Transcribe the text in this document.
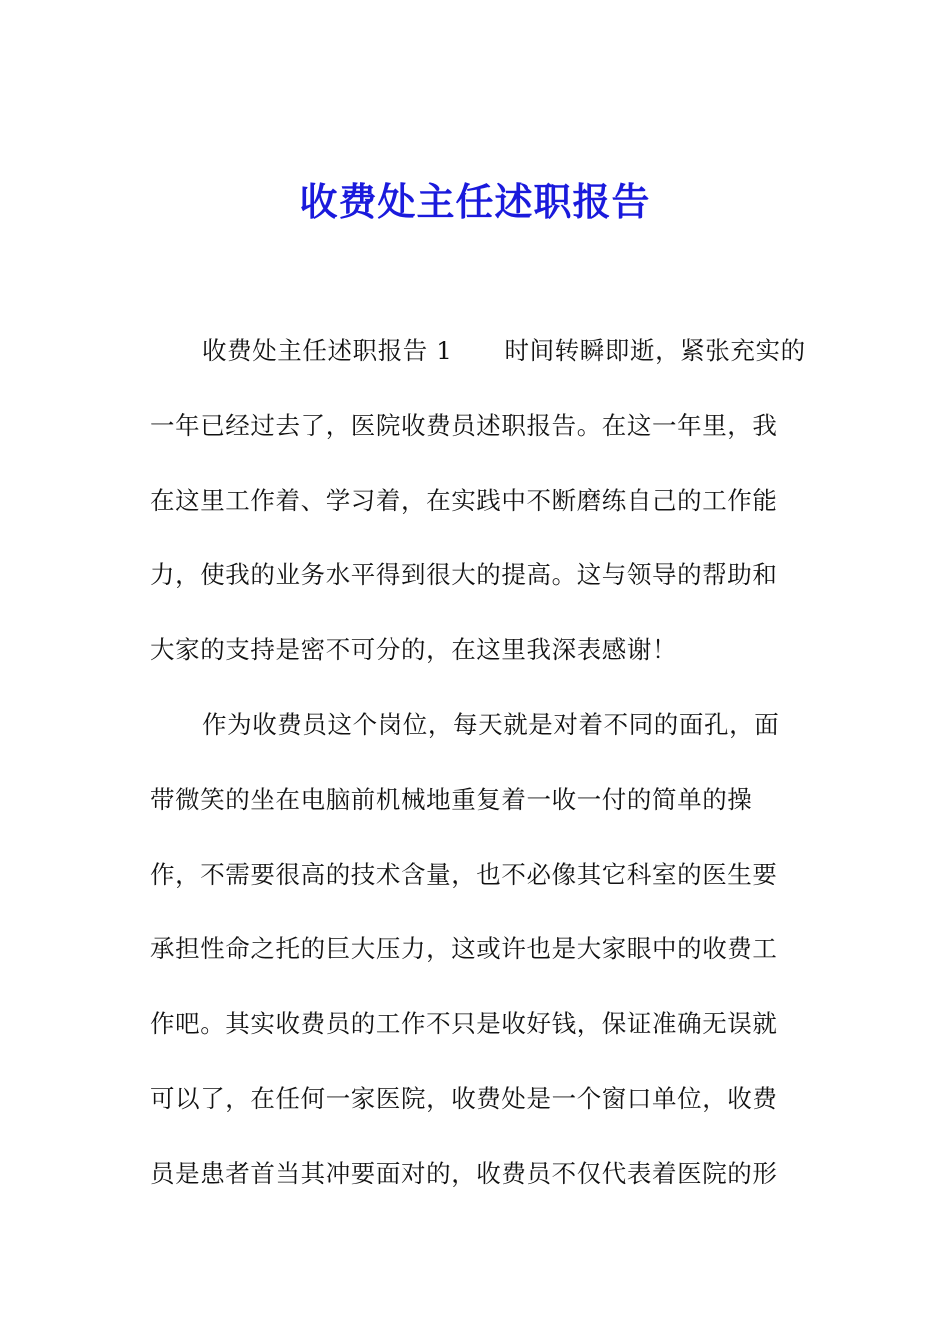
收费处主任述职报告
收费处主任述职报告 1 时间转瞬即逝，紧张充实的
一年已经过去了，医院收费员述职报告。在这一年里，我
在这里工作着、学习着，在实践中不断磨练自己的工作能
力，使我的业务水平得到很大的提高。这与领导的帮助和
大家的支持是密不可分的，在这里我深表感谢！
作为收费员这个岗位，每天就是对着不同的面孔，面
带微笑的坐在电脑前机械地重复着一收一付的简单的操
作，不需要很高的技术含量，也不必像其它科室的医生要
承担性命之托的巨大压力，这或许也是大家眼中的收费工
作吧。其实收费员的工作不只是收好钱，保证准确无误就
可以了，在任何一家医院，收费处是一个窗口单位，收费
员是患者首当其冲要面对的，收费员不仅代表着医院的形
